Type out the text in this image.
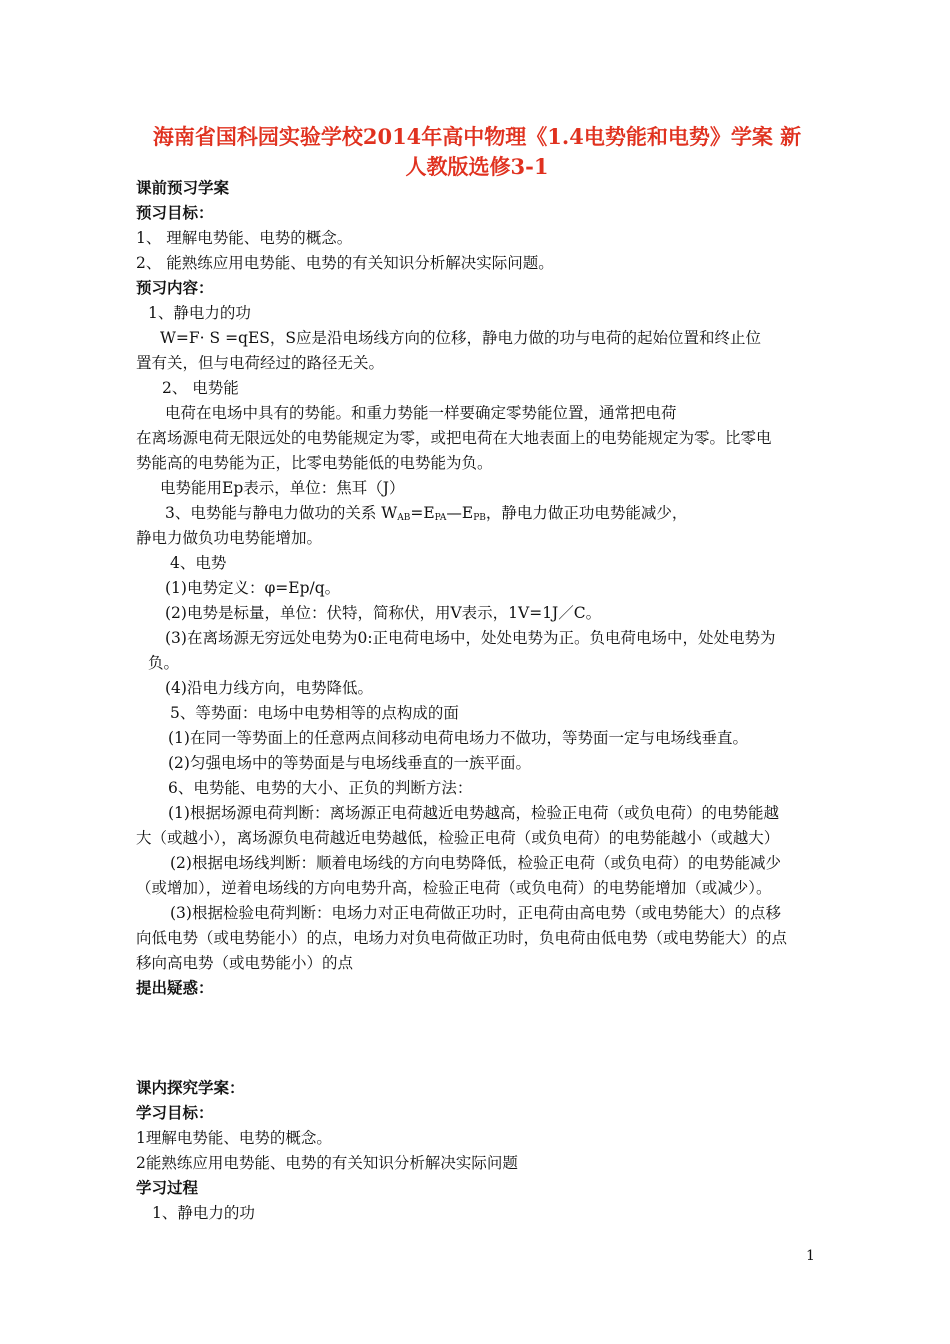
海南省国科园实验学校2014年高中物理《1.4电势能和电势》学案 新
人教版选修3-1
课前预习学案
预习目标：
1、 理解电势能、电势的概念。
2、 能熟练应用电势能、电势的有关知识分析解决实际问题。
预习内容：
1、静电力的功
W=F· S =qES，S应是沿电场线方向的位移，静电力做的功与电荷的起始位置和终止位
置有关，但与电荷经过的路径无关。
2、 电势能
电荷在电场中具有的势能。和重力势能一样要确定零势能位置，通常把电荷
在离场源电荷无限远处的电势能规定为零，或把电荷在大地表面上的电势能规定为零。比零电
势能高的电势能为正，比零电势能低的电势能为负。
电势能用Ep表示，单位：焦耳（J）
3、电势能与静电力做功的关系 $W_{AB}=E_{PA}—E_{PB}$，静电力做正功电势能减少，
静电力做负功电势能增加。
4、电势
(1)电势定义：φ=Ep/q。
(2)电势是标量，单位：伏特，简称伏，用V表示，1V=1J／C。
(3)在离场源无穷远处电势为0:正电荷电场中，处处电势为正。负电荷电场中，处处电势为
负。
(4)沿电力线方向，电势降低。
5、等势面：电场中电势相等的点构成的面
(1)在同一等势面上的任意两点间移动电荷电场力不做功，等势面一定与电场线垂直。
(2)匀强电场中的等势面是与电场线垂直的一族平面。
6、电势能、电势的大小、正负的判断方法：
(1)根据场源电荷判断：离场源正电荷越近电势越高，检验正电荷（或负电荷）的电势能越
大（或越小），离场源负电荷越近电势越低，检验正电荷（或负电荷）的电势能越小（或越大）
(2)根据电场线判断：顺着电场线的方向电势降低，检验正电荷（或负电荷）的电势能减少
（或增加），逆着电场线的方向电势升高，检验正电荷（或负电荷）的电势能增加（或减少）。
(3)根据检验电荷判断：电场力对正电荷做正功时，正电荷由高电势（或电势能大）的点移
向低电势（或电势能小）的点，电场力对负电荷做正功时，负电荷由低电势（或电势能大）的点
移向高电势（或电势能小）的点
提出疑惑：
课内探究学案：
学习目标：
1理解电势能、电势的概念。
2能熟练应用电势能、电势的有关知识分析解决实际问题
学习过程
1、静电力的功
1
